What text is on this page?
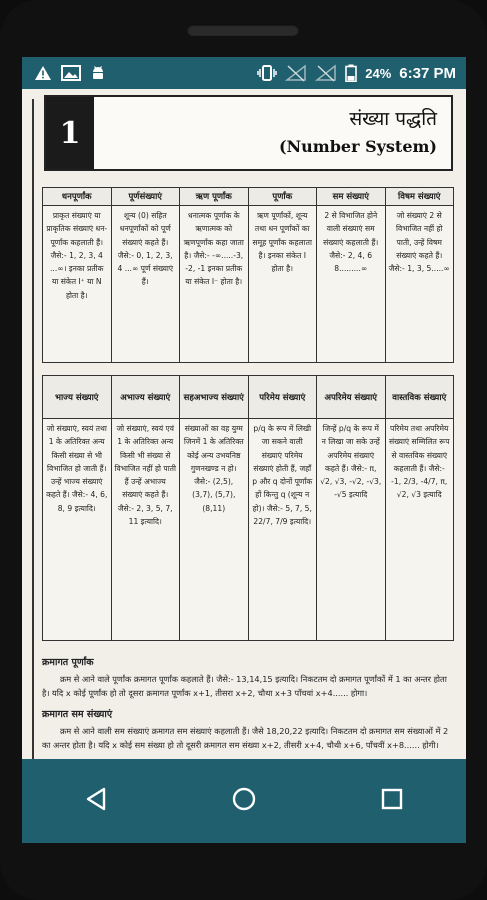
24% 6:37 PM
1	संख्या पद्धति
(Number System)
धनपूर्णांक	पूर्णसंख्याएं	ऋण पूर्णांक	पूर्णांक	सम संख्याएं	विषम संख्याएं
प्राकृत संख्याएं या प्राकृतिक संख्याएं धन-पूर्णांक कहलाती हैं। जैसे:- 1, 2, 3, 4 ...∞। इनका प्रतीक या संकेत I⁺ या N होता है।	शून्य (0) सहित धनपूर्णांकों को पूर्ण संख्याएं कहते हैं। जैसे:- 0, 1, 2, 3, 4 ...∞ पूर्ण संख्याएं हैं।	धनात्मक पूर्णांक के ऋणात्मक को ऋणपूर्णांक कहा जाता है। जैसे:- -∞.....-3, -2, -1 इनका प्रतीक या संकेत I⁻ होता है।	ऋण पूर्णांकों, शून्य तथा धन पूर्णांकों का समूह पूर्णांक कहलाता है। इनका संकेत I होता है।	2 से विभाजित होने वाली संख्याएं सम संख्याएं कहलाती हैं। जैसे:- 2, 4, 6 8.........∞	जो संख्याएं 2 से विभाजित नहीं हो पाती, उन्हें विषम संख्याएं कहते हैं। जैसे:- 1, 3, 5.....∞
भाज्य संख्याएं	अभाज्य संख्याएं	सहअभाज्य संख्याएं	परिमेय संख्याएं	अपरिमेय संख्याएं	वास्तविक संख्याएं
जो संख्याएं, स्वयं तथा 1 के अतिरिक्त अन्य किसी संख्या से भी विभाजित हो जाती हैं। उन्हें भाज्य संख्याएं कहते हैं। जैसे:- 4, 6, 8, 9 इत्यादि।	जो संख्याएं, स्वयं एवं 1 के अतिरिक्त अन्य किसी भी संख्या से विभाजित नहीं हो पाती हैं उन्हें अभाज्य संख्याएं कहते हैं। जैसे:- 2, 3, 5, 7, 11 इत्यादि।	संख्याओं का वह युग्म जिनमें 1 के अतिरिक्त कोई अन्य उभयनिष्ठ गुणनखण्ड न हो। जैसे:- (2,5), (3,7), (5,7), (8,11)	p/q के रूप में लिखी जा सकने वाली संख्याएं परिमेय संख्याएं होती हैं, जहाँ p और q दोनों पूर्णांक हों किन्तु q (शून्य न हो)। जैसे:- 5, 7, 5, 22/7, 7/9 इत्यादि।	जिन्हें p/q के रूप में न लिखा जा सके उन्हें अपरिमेय संख्याएं कहते हैं। जैसे:- π, √2, √3, -√2, -√3, -√5 इत्यादि	परिमेय तथा अपरिमेय संख्याएं सम्मिलित रूप से वास्तविक संख्याएं कहलाती हैं। जैसे:- -1, 2/3, -4/7, π, √2, √3 इत्यादि
क्रमागत पूर्णांक

क्रम से आने वाले पूर्णांक क्रमागत पूर्णांक कहलाते हैं। जैसे:- 13,14,15 इत्यादि। निकटतम दो क्रमागत पूर्णांकों में 1 का अन्तर होता है। यदि x कोई पूर्णांक हो तो दूसरा क्रमागत पूर्णांक x+1, तीसरा x+2, चौथा x+3 पाँचवां x+4...... होगा।

क्रमागत सम संख्याएं

क्रम से आने वाली सम संख्याएं क्रमागत सम संख्याएं कहलाती हैं। जैसे 18,20,22 इत्यादि। निकटतम दो क्रमागत सम संख्याओं में 2 का अन्तर होता है। यदि x कोई सम संख्या हो तो दूसरी क्रमागत सम संख्या x+2, तीसरी x+4, चौथी x+6, पाँचवीं x+8...... होगी।
